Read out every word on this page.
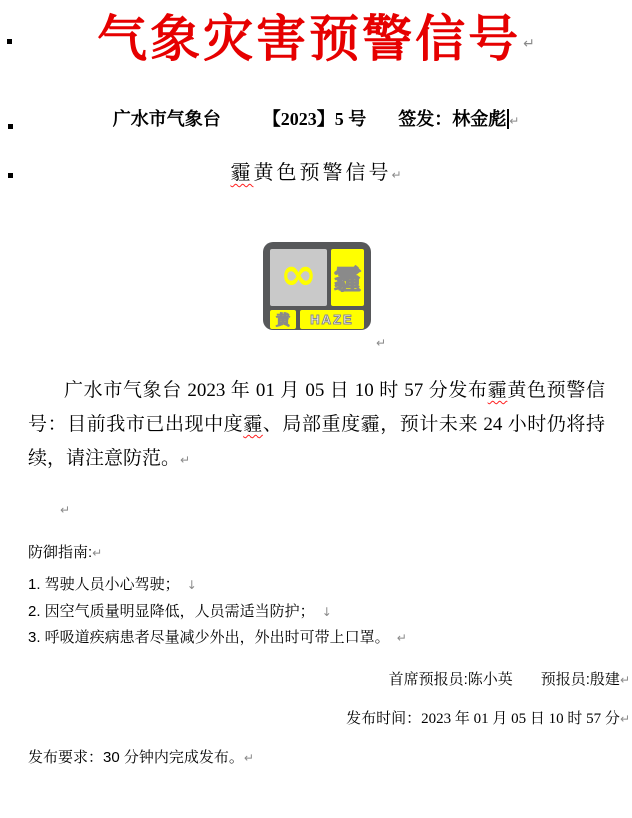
气象灾害预警信号 ↵
广水市气象台 【2023】5 号 签发：林金彪 ↵
霾黄色预警信号↵
∞ 霾
黄 HAZE
↵
广水市气象台 2023 年 01 月 05 日 10 时 57 分发布霾黄色预警信
号：目前我市已出现中度霾、局部重度霾，预计未来 24 小时仍将持
续，请注意防范。↵
↵
防御指南:↵
1. 驾驶人员小心驾驶； ↓
2. 因空气质量明显降低，人员需适当防护； ↓
3. 呼吸道疾病患者尽量减少外出，外出时可带上口罩。 ↵
首席预报员:陈小英 预报员:殷建↵
发布时间：2023 年 01 月 05 日 10 时 57 分↵
发布要求：30 分钟内完成发布。↵
